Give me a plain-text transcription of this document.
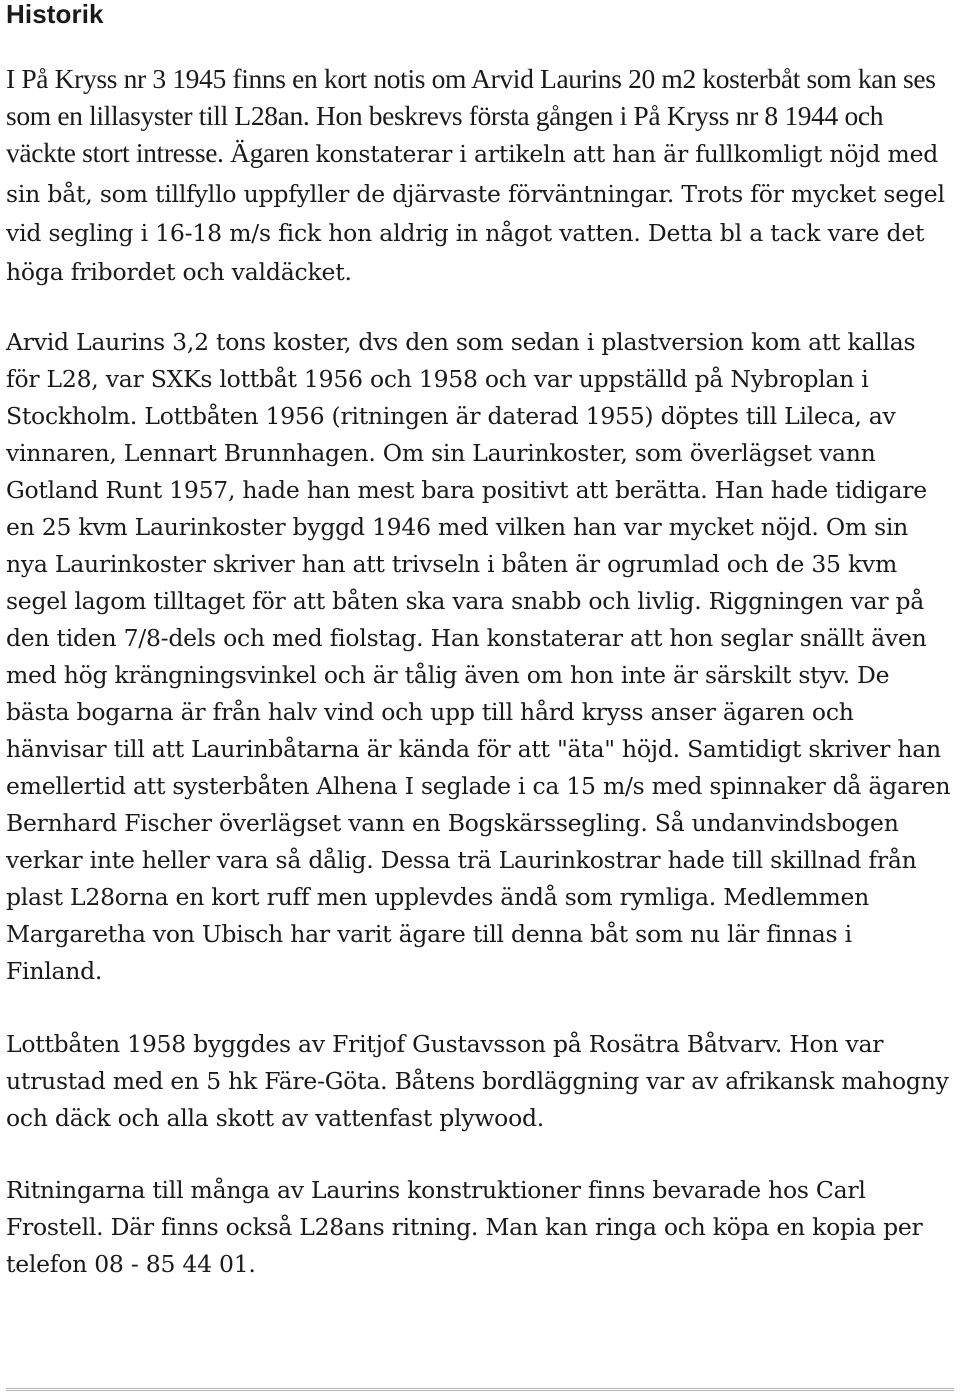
Historik

I På Kryss nr 3 1945 finns en kort notis om Arvid Laurins 20 m2 kosterbåt som kan ses som en lillasyster till L28an. Hon beskrevs första gången i På Kryss nr 8 1944 och väckte stort intresse. Ägaren konstaterar i artikeln att han är fullkomligt nöjd med sin båt, som tillfyllo uppfyller de djärvaste förväntningar. Trots för mycket segel vid segling i 16-18 m/s fick hon aldrig in något vatten. Detta bl a tack vare det höga fribordet och valdäcket.

Arvid Laurins 3,2 tons koster, dvs den som sedan i plastversion kom att kallas för L28, var SXKs lottbåt 1956 och 1958 och var uppställd på Nybroplan i Stockholm. Lottbåten 1956 (ritningen är daterad 1955) döptes till Lileca, av vinnaren, Lennart Brunnhagen. Om sin Laurinkoster, som överlägset vann Gotland Runt 1957, hade han mest bara positivt att berätta. Han hade tidigare en 25 kvm Laurinkoster byggd 1946 med vilken han var mycket nöjd. Om sin nya Laurinkoster skriver han att trivseln i båten är ogrumlad och de 35 kvm segel lagom tilltaget för att båten ska vara snabb och livlig. Riggningen var på den tiden 7/8-dels och med fiolstag. Han konstaterar att hon seglar snällt även med hög krängningsvinkel och är tålig även om hon inte är särskilt styv. De bästa bogarna är från halv vind och upp till hård kryss anser ägaren och hänvisar till att Laurinbåtarna är kända för att "äta" höjd. Samtidigt skriver han emellertid att systerbåten Alhena I seglade i ca 15 m/s med spinnaker då ägaren Bernhard Fischer överlägset vann en Bogskärssegling. Så undanvindsbogen verkar inte heller vara så dålig. Dessa trä Laurinkostrar hade till skillnad från plast L28orna en kort ruff men upplevdes ändå som rymliga. Medlemmen Margaretha von Ubisch har varit ägare till denna båt som nu lär finnas i Finland.

Lottbåten 1958 byggdes av Fritjof Gustavsson på Rosätra Båtvarv. Hon var utrustad med en 5 hk Färe-Göta. Båtens bordläggning var av afrikansk mahogny och däck och alla skott av vattenfast plywood.

Ritningarna till många av Laurins konstruktioner finns bevarade hos Carl Frostell. Där finns också L28ans ritning. Man kan ringa och köpa en kopia per telefon 08 - 85 44 01.
